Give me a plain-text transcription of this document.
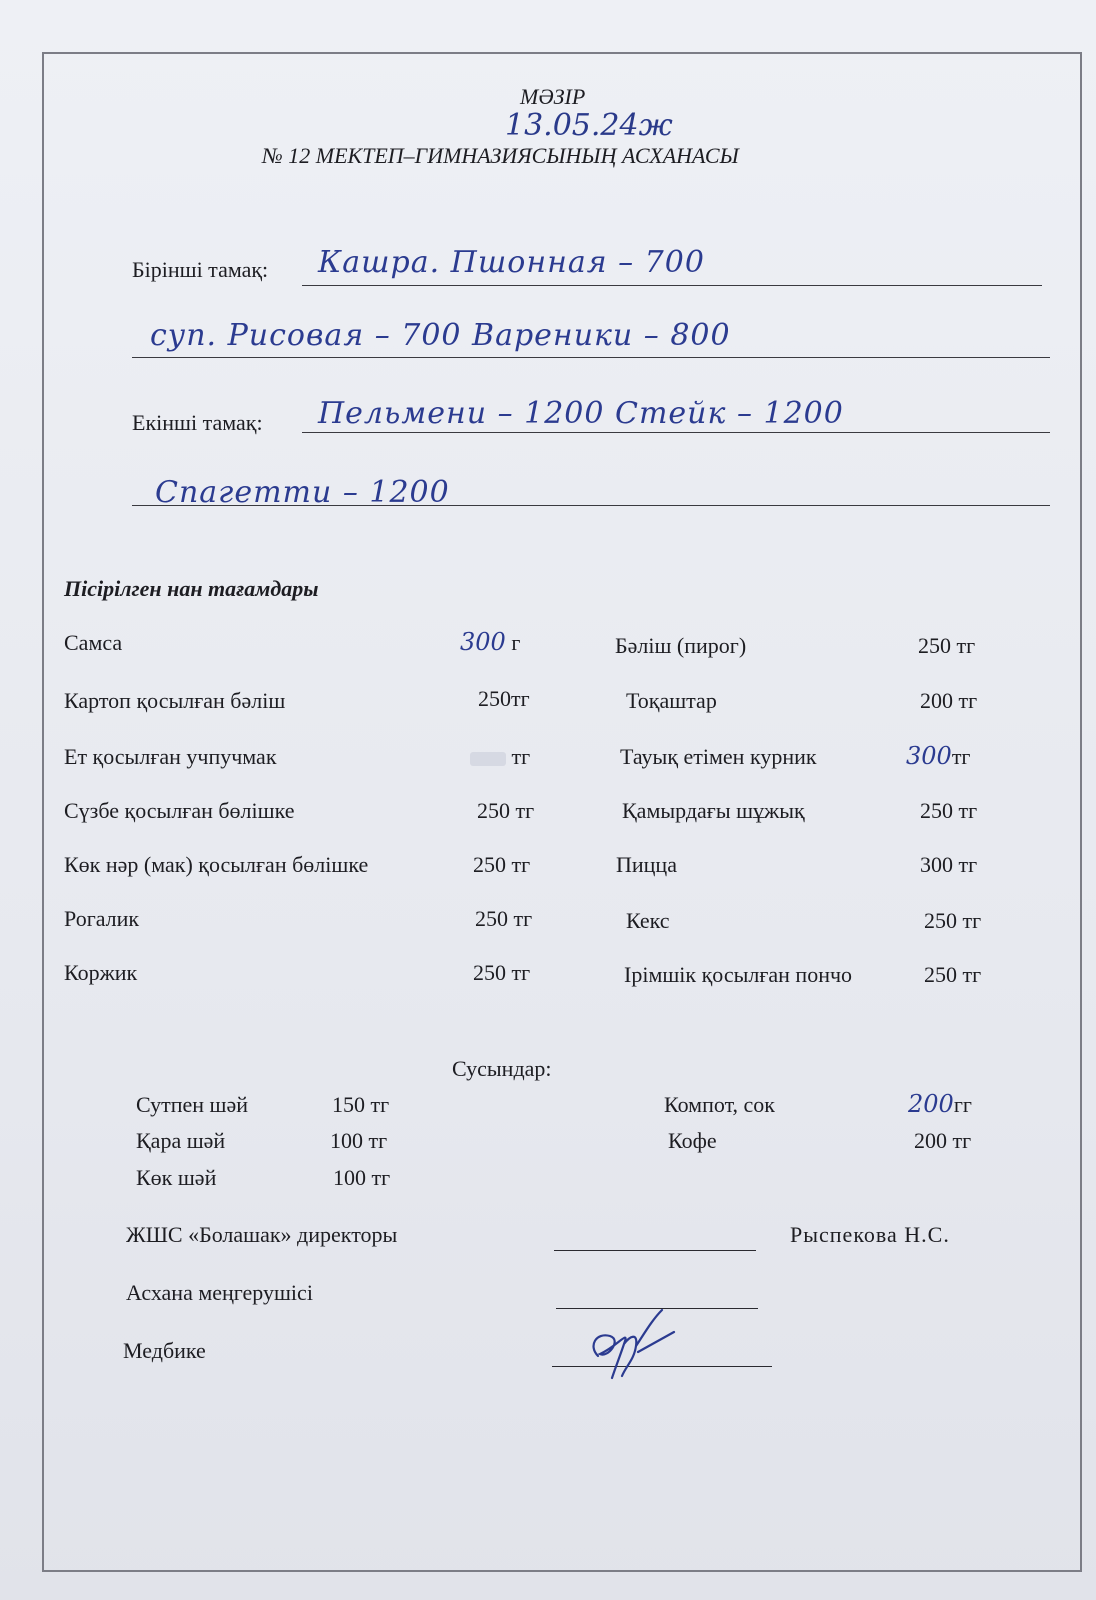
МӘЗІР
13.05.24ж
№ 12 МЕКТЕП–ГИМНАЗИЯСЫНЫҢ АСХАНАСЫ
Бірінші тамақ: Кашра. Пшонная – 700
суп. Рисовая – 700 Вареники – 800
Екінші тамақ: Пельмени – 1200 Стейк – 1200
Спагетти – 1200
Пісірілген нан тағамдары
Самса	300 г
Картоп қосылған бәліш	250тг
Ет қосылған учпучмак	тг
Сүзбе қосылған бөлішке	250 тг
Көк нәр (мак) қосылған бөлішке	250 тг
Рогалик	250 тг
Коржик	250 тг
Бәліш (пирог)	250 тг
Тоқаштар	200 тг
Тауық етімен курник	300тг
Қамырдағы шұжық	250 тг
Пицца	300 тг
Кекс	250 тг
Ірімшік қосылған пончо	250 тг
Сусындар:
Сутпен шәй	150 тг
Қара шәй	100 тг
Көк шәй	100 тг
Компот, сок	200гг
Кофе	200 тг
ЖШС «Болашак» директоры	Рыспекова Н.С.
Асхана меңгерушісі
Медбике
